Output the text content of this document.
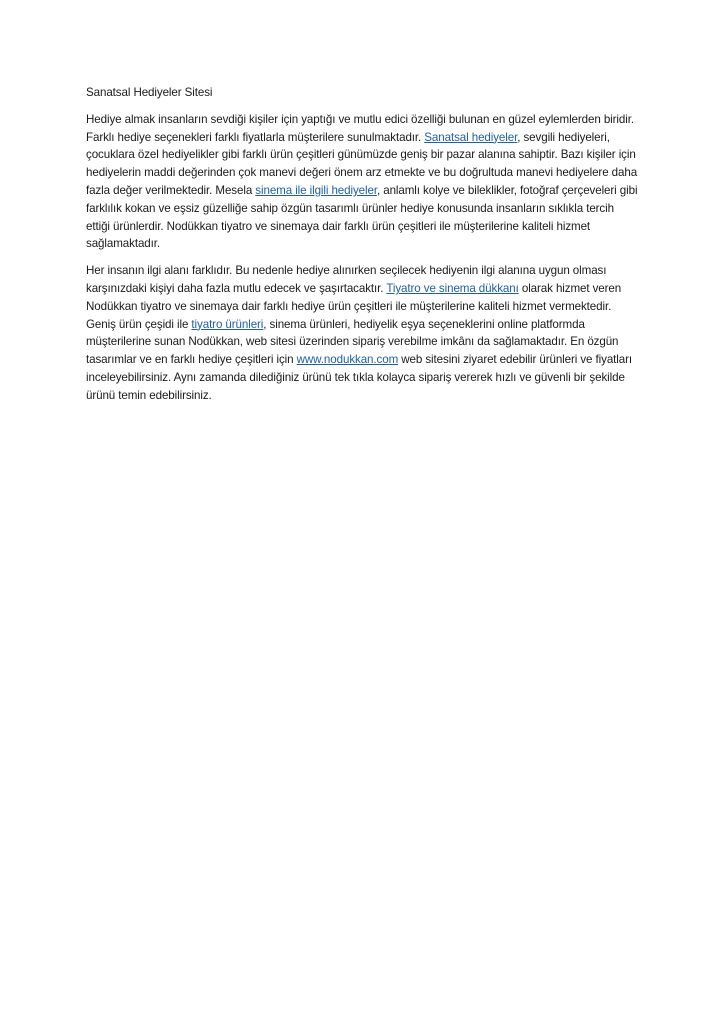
Sanatsal Hediyeler Sitesi

Hediye almak insanların sevdiği kişiler için yaptığı ve mutlu edici özelliği bulunan en güzel eylemlerden biridir. Farklı hediye seçenekleri farklı fiyatlarla müşterilere sunulmaktadır. Sanatsal hediyeler, sevgili hediyeleri, çocuklara özel hediyelikler gibi farklı ürün çeşitleri günümüzde geniş bir pazar alanına sahiptir. Bazı kişiler için hediyelerin maddi değerinden çok manevi değeri önem arz etmekte ve bu doğrultuda manevi hediyelere daha fazla değer verilmektedir. Mesela sinema ile ilgili hediyeler, anlamlı kolye ve bileklikler, fotoğraf çerçeveleri gibi farklılık kokan ve eşsiz güzelliğe sahip özgün tasarımlı ürünler hediye konusunda insanların sıklıkla tercih ettiği ürünlerdir. Nodükkan tiyatro ve sinemaya dair farklı ürün çeşitleri ile müşterilerine kaliteli hizmet sağlamaktadır.

Her insanın ilgi alanı farklıdır. Bu nedenle hediye alınırken seçilecek hediyenin ilgi alanına uygun olması karşınızdaki kişiyi daha fazla mutlu edecek ve şaşırtacaktır. Tiyatro ve sinema dükkanı olarak hizmet veren Nodükkan tiyatro ve sinemaya dair farklı hediye ürün çeşitleri ile müşterilerine kaliteli hizmet vermektedir. Geniş ürün çeşidi ile tiyatro ürünleri, sinema ürünleri, hediyelik eşya seçeneklerini online platformda müşterilerine sunan Nodükkan, web sitesi üzerinden sipariş verebilme imkânı da sağlamaktadır. En özgün tasarımlar ve en farklı hediye çeşitleri için www.nodukkan.com web sitesini ziyaret edebilir ürünleri ve fiyatları inceleyebilirsiniz. Aynı zamanda dilediğiniz ürünü tek tıkla kolayca sipariş vererek hızlı ve güvenli bir şekilde ürünü temin edebilirsiniz.
